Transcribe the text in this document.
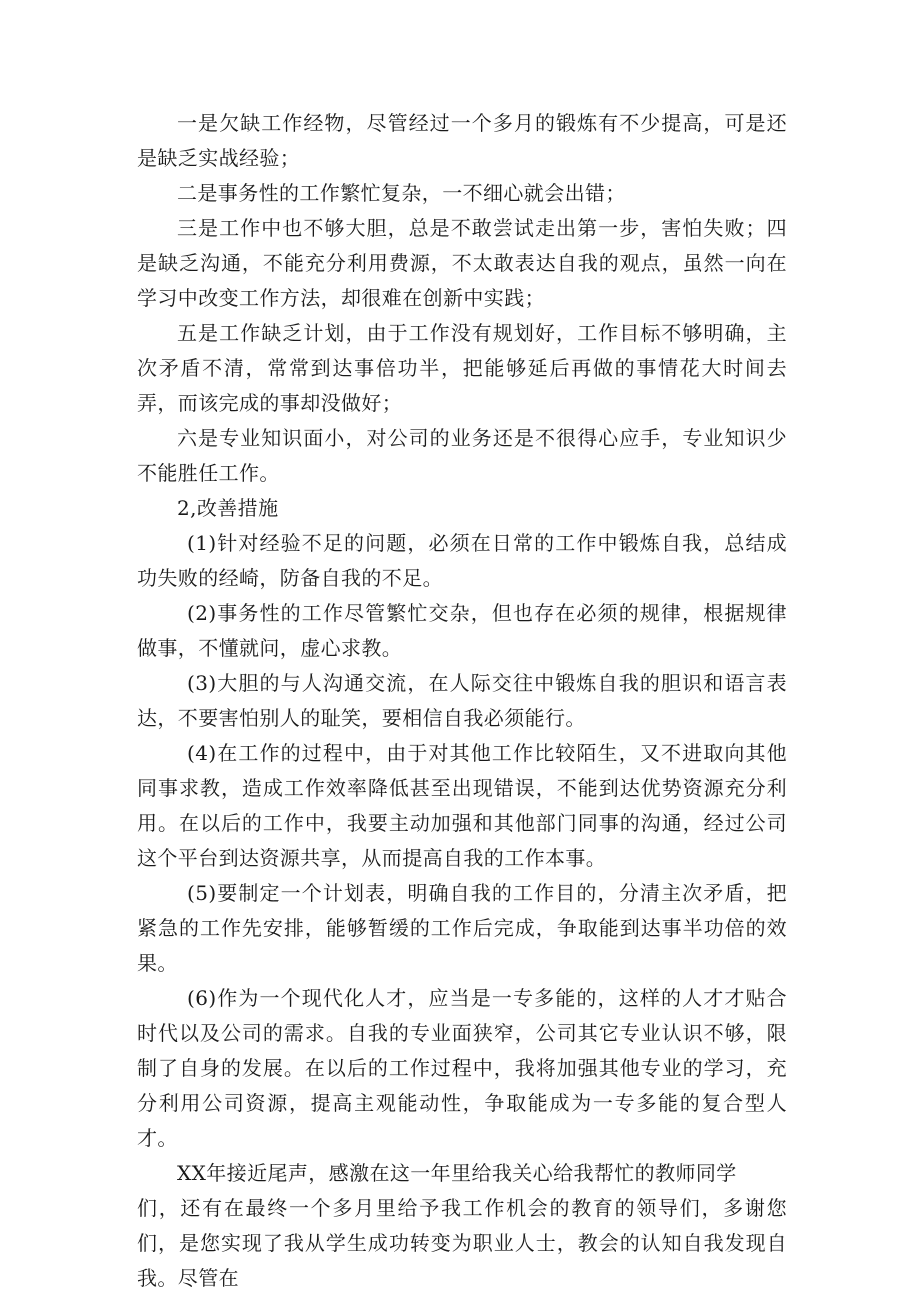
一是欠缺工作经物，尽管经过一个多月的锻炼有不少提高，可是还是缺乏实战经验；

二是事务性的工作繁忙复杂，一不细心就会出错；

三是工作中也不够大胆，总是不敢尝试走出第一步，害怕失败；四是缺乏沟通，不能充分利用费源，不太敢表达自我的观点，虽然一向在学习中改变工作方法，却很难在创新中实践；

五是工作缺乏计划，由于工作没有规划好，工作目标不够明确，主次矛盾不清，常常到达事倍功半，把能够延后再做的事情花大时间去弄，而该完成的事却没做好；

六是专业知识面小，对公司的业务还是不很得心应手，专业知识少不能胜任工作。

2,改善措施

(1)针对经验不足的问题，必须在日常的工作中锻炼自我，总结成功失败的经崎，防备自我的不足。

(2)事务性的工作尽管繁忙交杂，但也存在必须的规律，根据规律做事，不懂就问，虚心求教。

(3)大胆的与人沟通交流，在人际交往中锻炼自我的胆识和语言表达，不要害怕别人的耻笑，要相信自我必须能行。

(4)在工作的过程中，由于对其他工作比较陌生，又不进取向其他同事求教，造成工作效率降低甚至出现错误，不能到达优势资源充分利用。在以后的工作中，我要主动加强和其他部门同事的沟通，经过公司这个平台到达资源共享，从而提高自我的工作本事。

(5)要制定一个计划表，明确自我的工作目的，分清主次矛盾，把紧急的工作先安排，能够暂缓的工作后完成，争取能到达事半功倍的效果。

(6)作为一个现代化人才，应当是一专多能的，这样的人才才贴合时代以及公司的需求。自我的专业面狭窄，公司其它专业认识不够，限制了自身的发展。在以后的工作过程中，我将加强其他专业的学习，充分利用公司资源，提高主观能动性，争取能成为一专多能的复合型人才。

XX年接近尾声，感激在这一年里给我关心给我帮忙的教师同学

们，还有在最终一个多月里给予我工作机会的教育的领导们，多谢您们，是您实现了我从学生成功转变为职业人士，教会的认知自我发现自我。尽管在
